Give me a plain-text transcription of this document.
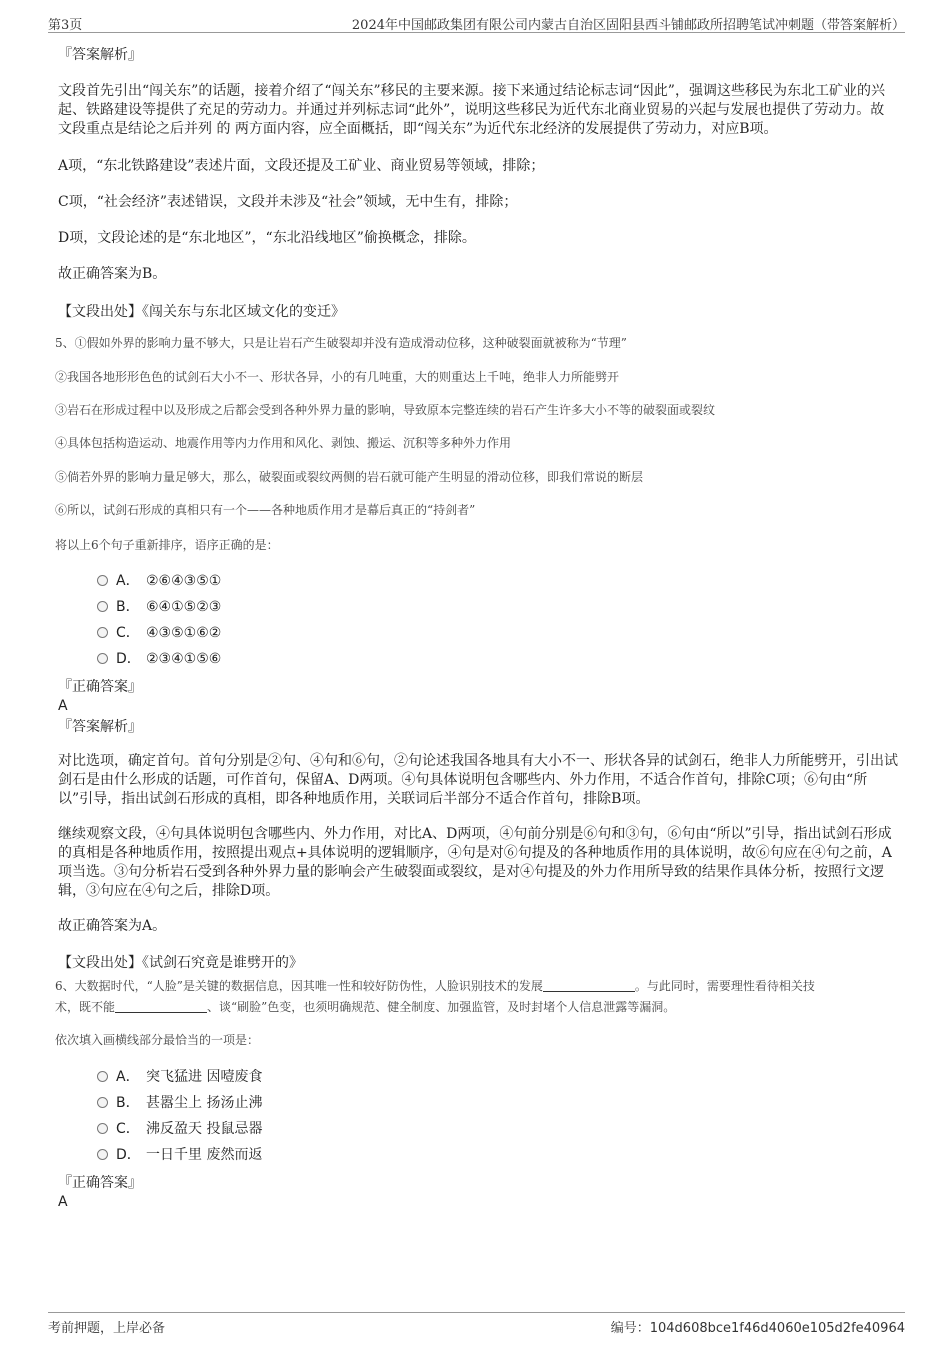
第3页	2024年中国邮政集团有限公司内蒙古自治区固阳县西斗铺邮政所招聘笔试冲刺题（带答案解析）
『答案解析』

文段首先引出“闯关东”的话题，接着介绍了“闯关东”移民的主要来源。接下来通过结论标志词“因此”，强调这些移民为东北工矿业的兴起、铁路建设等提供了充足的劳动力。并通过并列标志词“此外”，说明这些移民为近代东北商业贸易的兴起与发展也提供了劳动力。故文段重点是结论之后并列 的 两方面内容，应全面概括，即“闯关东”为近代东北经济的发展提供了劳动力，对应B项。

A项，“东北铁路建设”表述片面，文段还提及工矿业、商业贸易等领域，排除；

C项，“社会经济”表述错误，文段并未涉及“社会”领域，无中生有，排除；

D项，文段论述的是“东北地区”，“东北沿线地区”偷换概念，排除。

故正确答案为B。

【文段出处】《闯关东与东北区域文化的变迁》

5、①假如外界的影响力量不够大，只是让岩石产生破裂却并没有造成滑动位移，这种破裂面就被称为“节理”
②我国各地形形色色的试剑石大小不一、形状各异，小的有几吨重，大的则重达上千吨，绝非人力所能劈开
③岩石在形成过程中以及形成之后都会受到各种外界力量的影响，导致原本完整连续的岩石产生许多大小不等的破裂面或裂纹
④具体包括构造运动、地震作用等内力作用和风化、剥蚀、搬运、沉积等多种外力作用
⑤倘若外界的影响力量足够大，那么，破裂面或裂纹两侧的岩石就可能产生明显的滑动位移，即我们常说的断层
⑥所以，试剑石形成的真相只有一个——各种地质作用才是幕后真正的“持剑者”
将以上6个句子重新排序，语序正确的是：
A． ②⑥④③⑤①
B． ⑥④①⑤②③
C． ④③⑤①⑥②
D． ②③④①⑤⑥
『正确答案』
A
『答案解析』

对比选项，确定首句。首句分别是②句、④句和⑥句，②句论述我国各地具有大小不一、形状各异的试剑石，绝非人力所能劈开，引出试剑石是由什么形成的话题，可作首句，保留A、D两项。④句具体说明包含哪些内、外力作用，不适合作首句，排除C项；⑥句由“所以”引导，指出试剑石形成的真相，即各种地质作用，关联词后半部分不适合作首句，排除B项。

继续观察文段，④句具体说明包含哪些内、外力作用，对比A、D两项，④句前分别是⑥句和③句，⑥句由“所以”引导，指出试剑石形成的真相是各种地质作用，按照提出观点+具体说明的逻辑顺序，④句是对⑥句提及的各种地质作用的具体说明，故⑥句应在④句之前，A项当选。③句分析岩石受到各种外界力量的影响会产生破裂面或裂纹，是对④句提及的外力作用所导致的结果作具体分析，按照行文逻辑，③句应在④句之后，排除D项。

故正确答案为A。

【文段出处】《试剑石究竟是谁劈开的》

6、大数据时代，“人脸”是关键的数据信息，因其唯一性和较好防伪性，人脸识别技术的发展	。与此同时，需要理性看待相关技
术，既不能	、谈“刷脸”色变，也须明确规范、健全制度、加强监管，及时封堵个人信息泄露等漏洞。
依次填入画横线部分最恰当的一项是：
A． 突飞猛进 因噎废食
B． 甚嚣尘上 扬汤止沸
C． 沸反盈天 投鼠忌器
D． 一日千里 废然而返
『正确答案』
A
考前押题，上岸必备	编号：104d608bce1f46d4060e105d2fe40964
